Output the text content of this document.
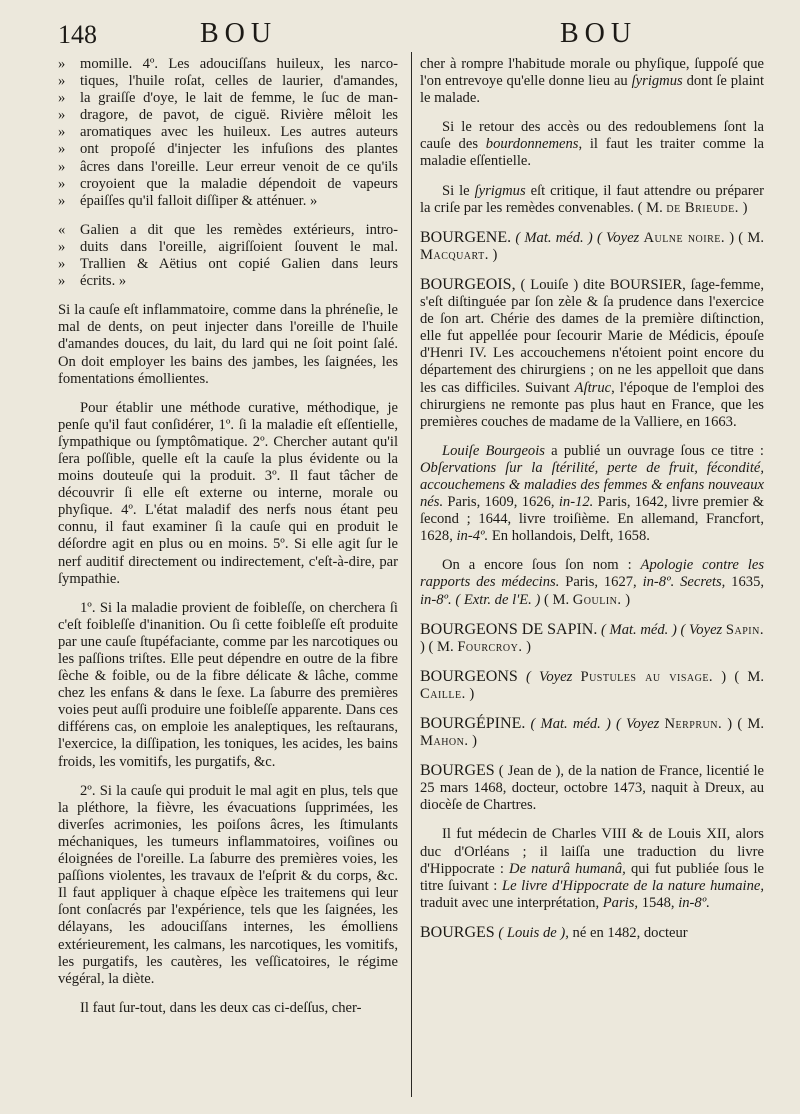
148	BOU	BOU
» momille. 4º. Les adouciſſans huileux, les narco-
» tiques, l'huile roſat, celles de laurier, d'amandes,
» la graiſſe d'oye, le lait de femme, le ſuc de man-
» dragore, de pavot, de ciguë. Rivière mêloit les
» aromatiques avec les huileux. Les autres auteurs
» ont propoſé d'injecter les infuſions des plantes
» âcres dans l'oreille. Leur erreur venoit de ce qu'ils
» croyoient que la maladie dépendoit de vapeurs
» épaiſſes qu'il falloit diſſiper & atténuer. »
« Galien a dit que les remèdes extérieurs, intro-
» duits dans l'oreille, aigriſſoient ſouvent le mal.
» Trallien & Aëtius ont copié Galien dans leurs
» écrits. »

Si la cauſe eſt inflammatoire, comme dans la phréneſie, le mal de dents, on peut injecter dans l'oreille de l'huile d'amandes douces, du lait, du lard qui ne ſoit point ſalé. On doit employer les bains des jambes, les ſaignées, les fomentations émollientes.

Pour établir une méthode curative, méthodique, je penſe qu'il faut conſidérer, 1º. ſi la maladie eſt eſſentielle, ſympathique ou ſymptômatique. 2º. Chercher autant qu'il ſera poſſible, quelle eſt la cauſe la plus évidente ou la moins douteuſe qui la produit. 3º. Il faut tâcher de découvrir ſi elle eſt externe ou interne, morale ou phyſique. 4º. L'état maladif des nerfs nous étant peu connu, il faut examiner ſi la cauſe qui en produit le déſordre agit en plus ou en moins. 5º. Si elle agit ſur le nerf auditif directement ou indirectement, c'eſt-à-dire, par ſympathie.

1º. Si la maladie provient de foibleſſe, on cherchera ſi c'eſt foibleſſe d'inanition. Ou ſi cette foibleſſe eſt produite par une cauſe ſtupéfaciante, comme par les narcotiques ou les paſſions triſtes. Elle peut dépendre en outre de la fibre ſèche & foible, ou de la fibre délicate & lâche, comme chez les enfans & dans le ſexe. La ſaburre des premières voies peut auſſi produire une foibleſſe apparente. Dans ces différens cas, on emploie les analeptiques, les reſtaurans, l'exercice, la diſſipation, les toniques, les acides, les bains froids, les vomitifs, les purgatifs, &c.

2º. Si la cauſe qui produit le mal agit en plus, tels que la pléthore, la fièvre, les évacuations ſupprimées, les diverſes acrimonies, les poiſons âcres, les ſtimulants méchaniques, les tumeurs inflammatoires, voiſines ou éloignées de l'oreille. La ſaburre des premières voies, les paſſions violentes, les travaux de l'eſprit & du corps, &c. Il faut appliquer à chaque eſpèce les traitemens qui leur ſont conſacrés par l'expérience, tels que les ſaignées, les délayans, les adouciſſans internes, les émolliens extérieurement, les calmans, les narcotiques, les vomitifs, les purgatifs, les cautères, les veſſicatoires, le régime végéral, la diète.

Il faut ſur-tout, dans les deux cas ci-deſſus, cher-

cher à rompre l'habitude morale ou phyſique, ſuppoſé que l'on entrevoye qu'elle donne lieu au ſyrigmus dont ſe plaint le malade.

Si le retour des accès ou des redoublemens ſont la cauſe des bourdonnemens, il faut les traiter comme la maladie eſſentielle.

Si le ſyrigmus eſt critique, il faut attendre ou préparer la criſe par les remèdes convenables. ( M. de Brieude. )

BOURGENE. ( Mat. méd. ) ( Voyez Aulne noire. ) ( M. Macquart. )

BOURGEOIS, ( Louiſe ) dite BOURSIER, ſage-femme, s'eſt diſtinguée par ſon zèle & ſa prudence dans l'exercice de ſon art. Chérie des dames de la première diſtinction, elle fut appellée pour ſecourir Marie de Médicis, épouſe d'Henri IV. Les accouchemens n'étoient point encore du département des chirurgiens ; on ne les appelloit que dans les cas difficiles. Suivant Aſtruc, l'époque de l'emploi des chirurgiens ne remonte pas plus haut en France, que les premières couches de madame de la Valliere, en 1663.

Louiſe Bourgeois a publié un ouvrage ſous ce titre : Obſervations ſur la ſtérilité, perte de fruit, fécondité, accouchemens & maladies des femmes & enfans nouveaux nés. Paris, 1609, 1626, in-12. Paris, 1642, livre premier & ſecond ; 1644, livre troiſième. En allemand, Francfort, 1628, in-4º. En hollandois, Delft, 1658.

On a encore ſous ſon nom : Apologie contre les rapports des médecins. Paris, 1627, in-8º. Secrets, 1635, in-8º. ( Extr. de l'E. ) ( M. Goulin. )

BOURGEONS DE SAPIN. ( Mat. méd. ) ( Voyez Sapin. ) ( M. Fourcroy. )

BOURGEONS ( Voyez Pustules au visage. ) ( M. Caille. )

BOURGÉPINE. ( Mat. méd. ) ( Voyez Nerprun. ) ( M. Mahon. )

BOURGES ( Jean de ), de la nation de France, licentié le 25 mars 1468, docteur, octobre 1473, naquit à Dreux, au diocèſe de Chartres.

Il fut médecin de Charles VIII & de Louis XII, alors duc d'Orléans ; il laiſſa une traduction du livre d'Hippocrate : De naturâ humanâ, qui fut publiée ſous le titre ſuivant : Le livre d'Hippocrate de la nature humaine, traduit avec une interprétation, Paris, 1548, in-8º.

BOURGES ( Louis de ), né en 1482, docteur
